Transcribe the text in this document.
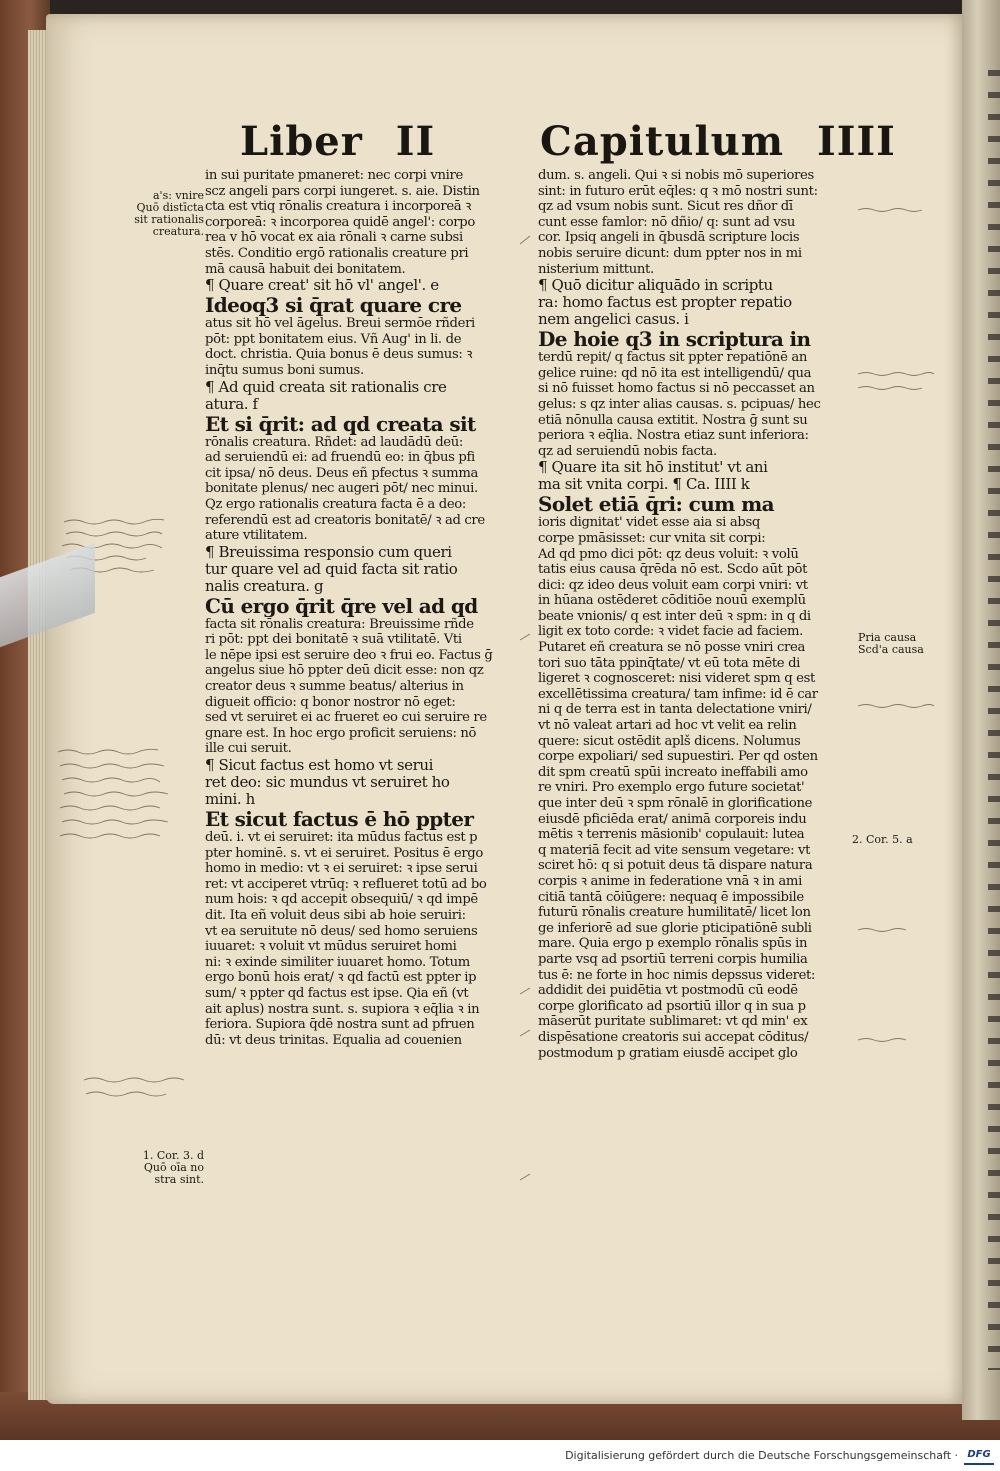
Liber II	Capitulum IIII
in sui puritate pmaneret: nec corpi vnire
scz angeli pars corpi iungeret. s. aie. Distin
cta est vtiq rōnalis creatura i incorporeā ꝛ
corporeā: ꝛ incorporea quidē angel': corpo
rea v hō vocat ex aia rōnali ꝛ carne subsi
stēs. Conditio ergō rationalis creature pri
mā causā habuit dei bonitatem.
¶ Quare creat' sit hō vl' angel'. e
Ideoq3 si q̄rat quare cre
atus sit hō vel āgelus. Breui sermōe rñderi
pōt: ppt bonitatem eius. Vñ Aug' in li. de
doct. christia. Quia bonus ē deus sumus: ꝛ
inq̄tu sumus boni sumus.
¶ Ad quid creata sit rationalis cre
atura. f
Et si q̄rit: ad qd creata sit
rōnalis creatura. Rñdet: ad laudādū deū:
ad seruiendū ei: ad fruendū eo: in q̄bus pfi
cit ipsa/ nō deus. Deus eñ pfectus ꝛ summa
bonitate plenus/ nec augeri pōt/ nec minui.
Qz ergo rationalis creatura facta ē a deo:
referendū est ad creatoris bonitatē/ ꝛ ad cre
ature vtilitatem.
¶ Breuissima responsio cum queri
tur quare vel ad quid facta sit ratio
nalis creatura. g
Cū ergo q̄rit q̄re vel ad qd
facta sit rōnalis creatura: Breuissime rñde
ri pōt: ppt dei bonitatē ꝛ suā vtilitatē. Vti
le nēpe ipsi est seruire deo ꝛ frui eo. Factus ḡ
angelus siue hō ppter deū dicit esse: non qz
creator deus ꝛ summe beatus/ alterius in
digueit officio: q bonor nostror nō eget:
sed vt seruiret ei ac frueret eo cui seruire re
gnare est. In hoc ergo proficit seruiens: nō
ille cui seruit.
¶ Sicut factus est homo vt serui
ret deo: sic mundus vt seruiret ho
mini. h
Et sicut factus ē hō ppter
deū. i. vt ei seruiret: ita mūdus factus est p
pter hominē. s. vt ei seruiret. Positus ē ergo
homo in medio: vt ꝛ ei seruiret: ꝛ ipse serui
ret: vt acciperet vtrūq: ꝛ reflueret totū ad bo
num hois: ꝛ qd accepit obsequiū/ ꝛ qd impē
dit. Ita eñ voluit deus sibi ab hoie seruiri:
vt ea seruitute nō deus/ sed homo seruiens
iuuaret: ꝛ voluit vt mūdus seruiret homi
ni: ꝛ exinde similiter iuuaret homo. Totum
ergo bonū hois erat/ ꝛ qd factū est ppter ip
sum/ ꝛ ppter qd factus est ipse. Qia eñ (vt
ait aplus) nostra sunt. s. supiora ꝛ eq̄lia ꝛ in
feriora. Supiora q̄dē nostra sunt ad pfruen
dū: vt deus trinitas. Equalia ad couenien
dum. s. angeli. Qui ꝛ si nobis mō superiores
sint: in futuro erūt eq̄les: q ꝛ mō nostri sunt:
qz ad vsum nobis sunt. Sicut res dñor dī
cunt esse famlor: nō dñio/ q: sunt ad vsu
cor. Ipsiq angeli in q̄busdā scripture locis
nobis seruire dicunt: dum ppter nos in mi
nisterium mittunt.
¶ Quō dicitur aliquādo in scriptu
ra: homo factus est propter repatio
nem angelici casus. i
De hoie q3 in scriptura in
terdū repit/ q factus sit ppter repatiōnē an
gelice ruine: qd nō ita est intelligendū/ qua
si nō fuisset homo factus si nō peccasset an
gelus: s qz inter alias causas. s. pcipuas/ hec
etiā nōnulla causa extitit. Nostra ḡ sunt su
periora ꝛ eq̄lia. Nostra etiaz sunt inferiora:
qz ad seruiendū nobis facta.
¶ Quare ita sit hō institut' vt ani
ma sit vnita corpi. ¶ Ca. IIII k
Solet etiā q̄ri: cum ma
ioris dignitat' videt esse aia si absq
corpe pmāsisset: cur vnita sit corpi:
Ad qd pmo dici pōt: qz deus voluit: ꝛ volū
tatis eius causa q̄rēda nō est. Scdo aūt pōt
dici: qz ideo deus voluit eam corpi vniri: vt
in hūana ostēderet cōditiōe nouū exemplū
beate vnionis/ q est inter deū ꝛ spm: in q di
ligit ex toto corde: ꝛ videt facie ad faciem.
Putaret eñ creatura se nō posse vniri crea
tori suo tāta ppinq̄tate/ vt eū tota mēte di
ligeret ꝛ cognosceret: nisi videret spm q est
excellētissima creatura/ tam infime: id ē car
ni q de terra est in tanta delectatione vniri/
vt nō valeat artari ad hoc vt velit ea relin
quere: sicut ostēdit aplš dicens. Nolumus
corpe expoliari/ sed supuestiri. Per qd osten
dit spm creatū spūi increato ineffabili amo
re vniri. Pro exemplo ergo future societat'
que inter deū ꝛ spm rōnalē in glorificatione
eiusdē pficiēda erat/ animā corporeis indu
mētis ꝛ terrenis māsionib' copulauit: lutea
q materiā fecit ad vite sensum vegetare: vt
sciret hō: q si potuit deus tā dispare natura
corpis ꝛ anime in federatione vnā ꝛ in ami
citiā tantā cōiūgere: nequaq ē impossibile
futurū rōnalis creature humilitatē/ licet lon
ge inferiorē ad sue glorie pticipatiōnē subli
mare. Quia ergo p exemplo rōnalis spūs in
parte vsq ad psortiū terreni corpis humilia
tus ē: ne forte in hoc nimis depssus videret:
addidit dei puidētia vt postmodū cū eodē
corpe glorificato ad psortiū illor q in sua p
māserūt puritate sublimaret: vt qd min' ex
dispēsatione creatoris sui accepat cōditus/
postmodum p gratiam eiusdē accipet glo
a's: vnire
Quō distīcta
sit rationalis
creatura.
1. Cor. 3. d
Quō oīa no
stra sint.
Pria causa
Scd'a causa
2. Cor. 5. a
Digitalisierung gefördert durch die Deutsche Forschungsgemeinschaft · DFG
